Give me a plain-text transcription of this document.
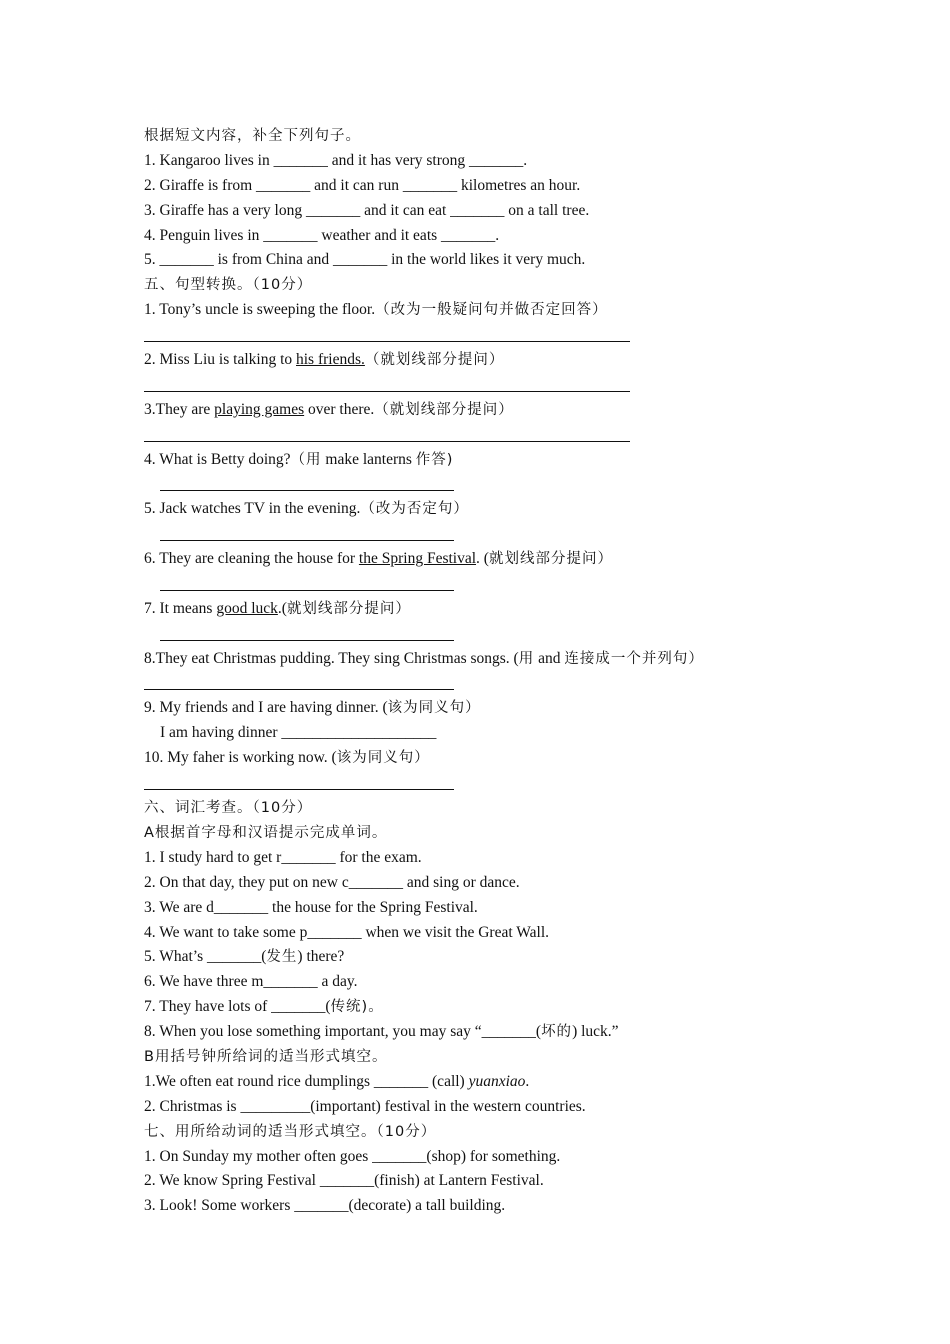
根据短文内容，补全下列句子。
1. Kangaroo lives in _______ and it has very strong _______.
2. Giraffe is from _______ and it can run _______ kilometres an hour.
3. Giraffe has a very long _______ and it can eat _______ on a tall tree.
4. Penguin lives in _______ weather and it eats _______.
5. _______ is from China and _______ in the world likes it very much.
五、句型转换。（10分）
1. Tony’s uncle is sweeping the floor.（改为一般疑问句并做否定回答）
2. Miss Liu is talking to his friends.（就划线部分提问）
3.They are playing games over there.（就划线部分提问）
4. What is Betty doing?（用 make lanterns 作答)
5. Jack watches TV in the evening.（改为否定句）
6. They are cleaning the house for the Spring Festival. (就划线部分提问）
7. It means good luck.(就划线部分提问）
8.They eat Christmas pudding. They sing Christmas songs. (用 and 连接成一个并列句）
9. My friends and I are having dinner. (该为同义句）
I am having dinner ____________________
10. My faher is working now. (该为同义句）
六、词汇考查。（10分）
A根据首字母和汉语提示完成单词。
1. I study hard to get r_______ for the exam.
2. On that day, they put on new c_______ and sing or dance.
3. We are d_______ the house for the Spring Festival.
4. We want to take some p_______ when we visit the Great Wall.
5. What’s _______(发生) there?
6. We have three m_______ a day.
7. They have lots of _______(传统)。
8. When you lose something important, you may say “_______(坏的) luck.”
B用括号钟所给词的适当形式填空。
1.We often eat round rice dumplings _______ (call) yuanxiao.
2. Christmas is _________(important) festival in the western countries.
七、用所给动词的适当形式填空。（10分）
1. On Sunday my mother often goes _______(shop) for something.
2. We know Spring Festival _______(finish) at Lantern Festival.
3. Look! Some workers _______(decorate) a tall building.
